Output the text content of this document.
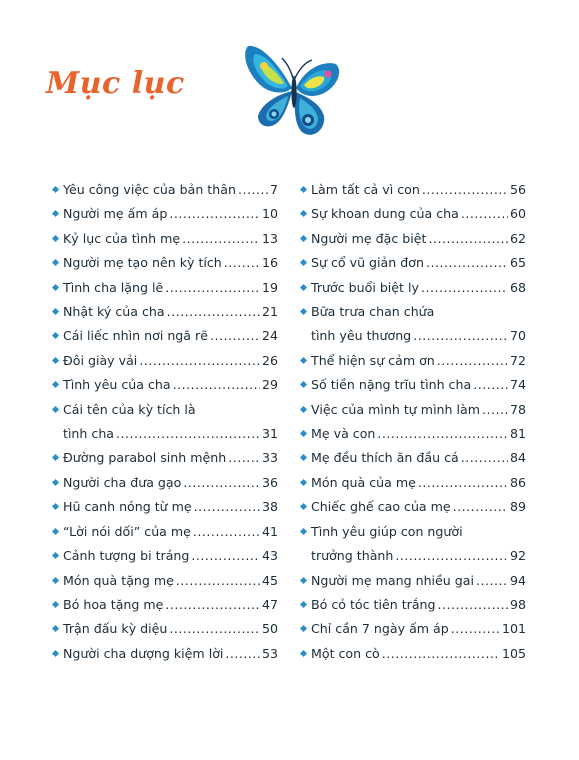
Mục lục
Yêu công việc của bản thân .....	7
Người mẹ ấm áp .....	10
Kỷ lục của tình mẹ .....	13
Người mẹ tạo nên kỳ tích .....	16
Tình cha lặng lẽ .....	19
Nhật ký của cha .....	21
Cái liếc nhìn nơi ngã rẽ .....	24
Đôi giày vải .....	26
Tình yêu của cha .....	29
Cái tên của kỳ tích là
tình cha .....	31
Đường parabol sinh mệnh .....	33
Người cha đưa gạo .....	36
Hũ canh nóng từ mẹ .....	38
“Lời nói dối” của mẹ .....	41
Cảnh tượng bi tráng .....	43
Món quà tặng mẹ .....	45
Bó hoa tặng mẹ .....	47
Trận đấu kỳ diệu .....	50
Người cha dượng kiệm lời .....	53
Làm tất cả vì con .....	56
Sự khoan dung của cha .....	60
Người mẹ đặc biệt .....	62
Sự cổ vũ giản đơn .....	65
Trước buổi biệt ly .....	68
Bữa trưa chan chứa
tình yêu thương .....	70
Thể hiện sự cảm ơn .....	72
Số tiền nặng trĩu tình cha .....	74
Việc của mình tự mình làm ..... 78
Mẹ và con .....	81
Mẹ đều thích ăn đầu cá .....	84
Món quà của mẹ .....	86
Chiếc ghế cao của mẹ .....	89
Tình yêu giúp con người
trưởng thành .....	92
Người mẹ mang nhiều gai .....	94
Bó cỏ tóc tiên trắng .....	98
Chỉ cần 7 ngày ấm áp .....	101
Một con cò .....	105
